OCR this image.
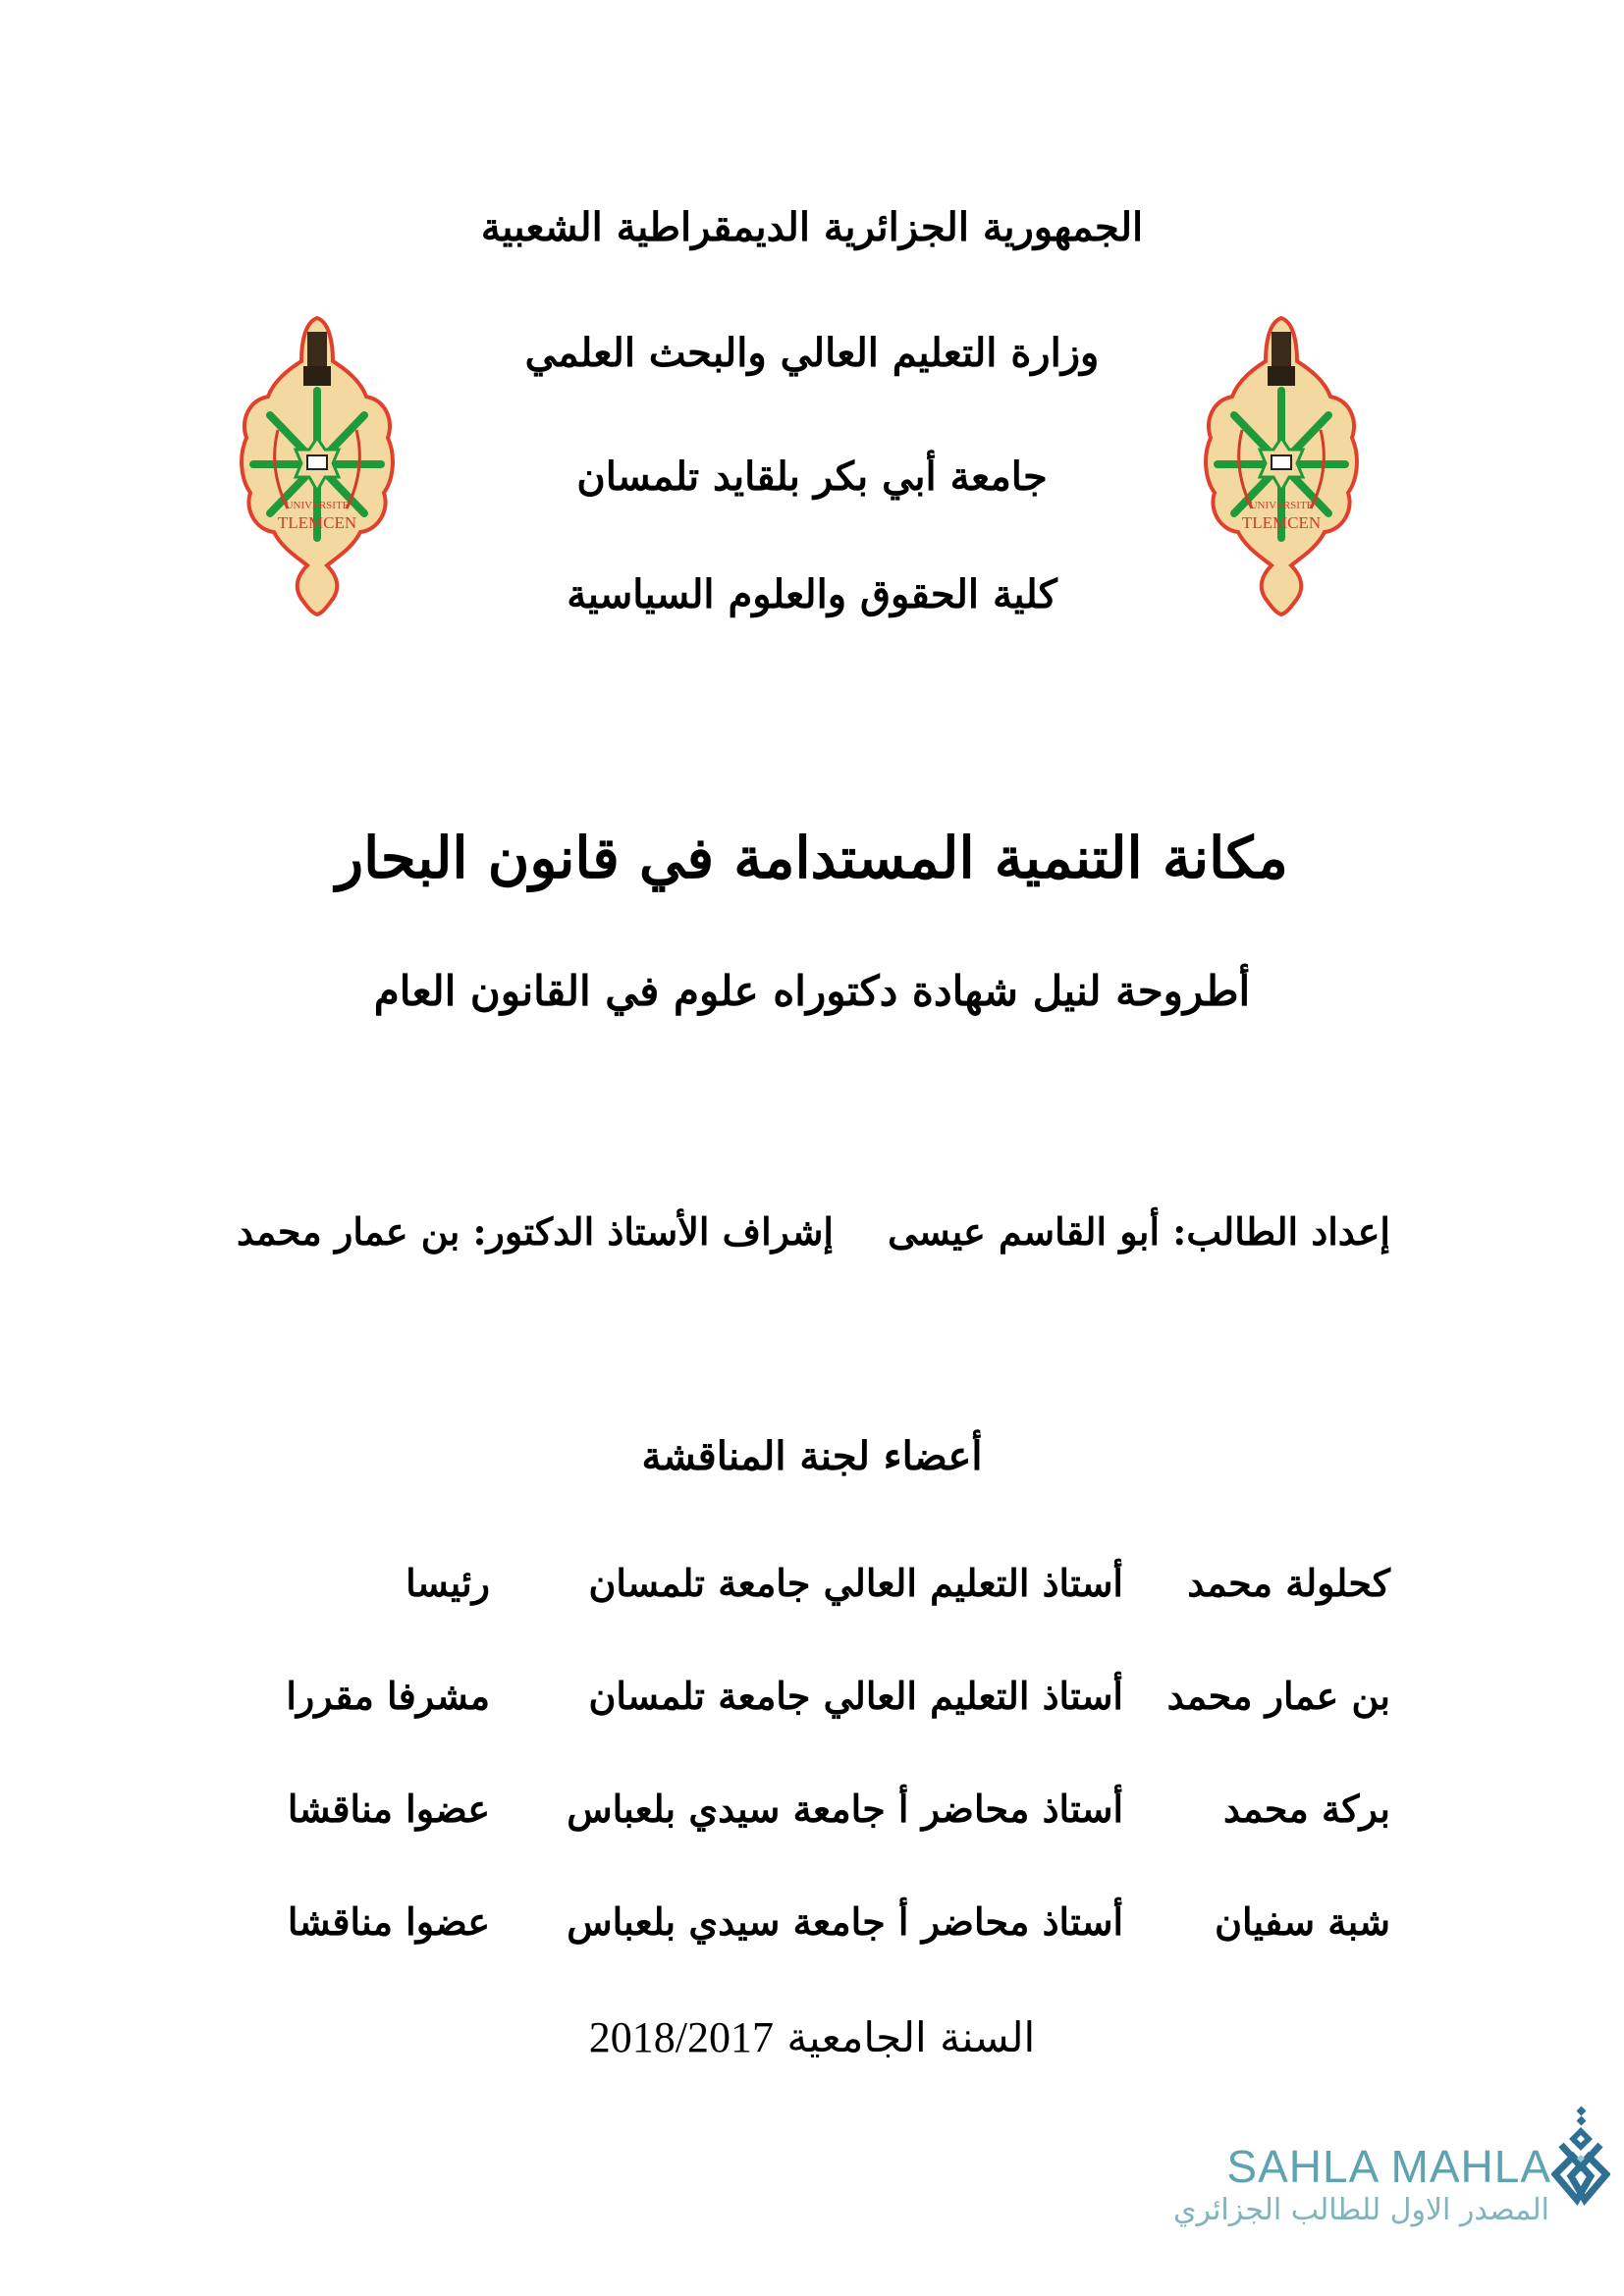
UNIVERSITE
TLEMCEN
UNIVERSITE
TLEMCEN
الجمهورية الجزائرية الديمقراطية الشعبية
وزارة التعليم العالي والبحث العلمي
جامعة أبي بكر بلقايد تلمسان
كلية الحقوق والعلوم السياسية
مكانة التنمية المستدامة في قانون البحار
أطروحة لنيل شهادة دكتوراه علوم في القانون العام
إعداد الطالب: أبو القاسم عيسى
إشراف الأستاذ الدكتور: بن عمار محمد
أعضاء لجنة المناقشة
كحلولة محمد
أستاذ التعليم العالي جامعة تلمسان
رئيسا
بن عمار محمد
أستاذ التعليم العالي جامعة تلمسان
مشرفا مقررا
بركة محمد
أستاذ محاضر أ جامعة سيدي بلعباس
عضوا مناقشا
شبة سفيان
أستاذ محاضر أ جامعة سيدي بلعباس
عضوا مناقشا
السنة الجامعية 2018/2017
SAHLA MAHLA
المصدر الاول للطالب الجزائري
